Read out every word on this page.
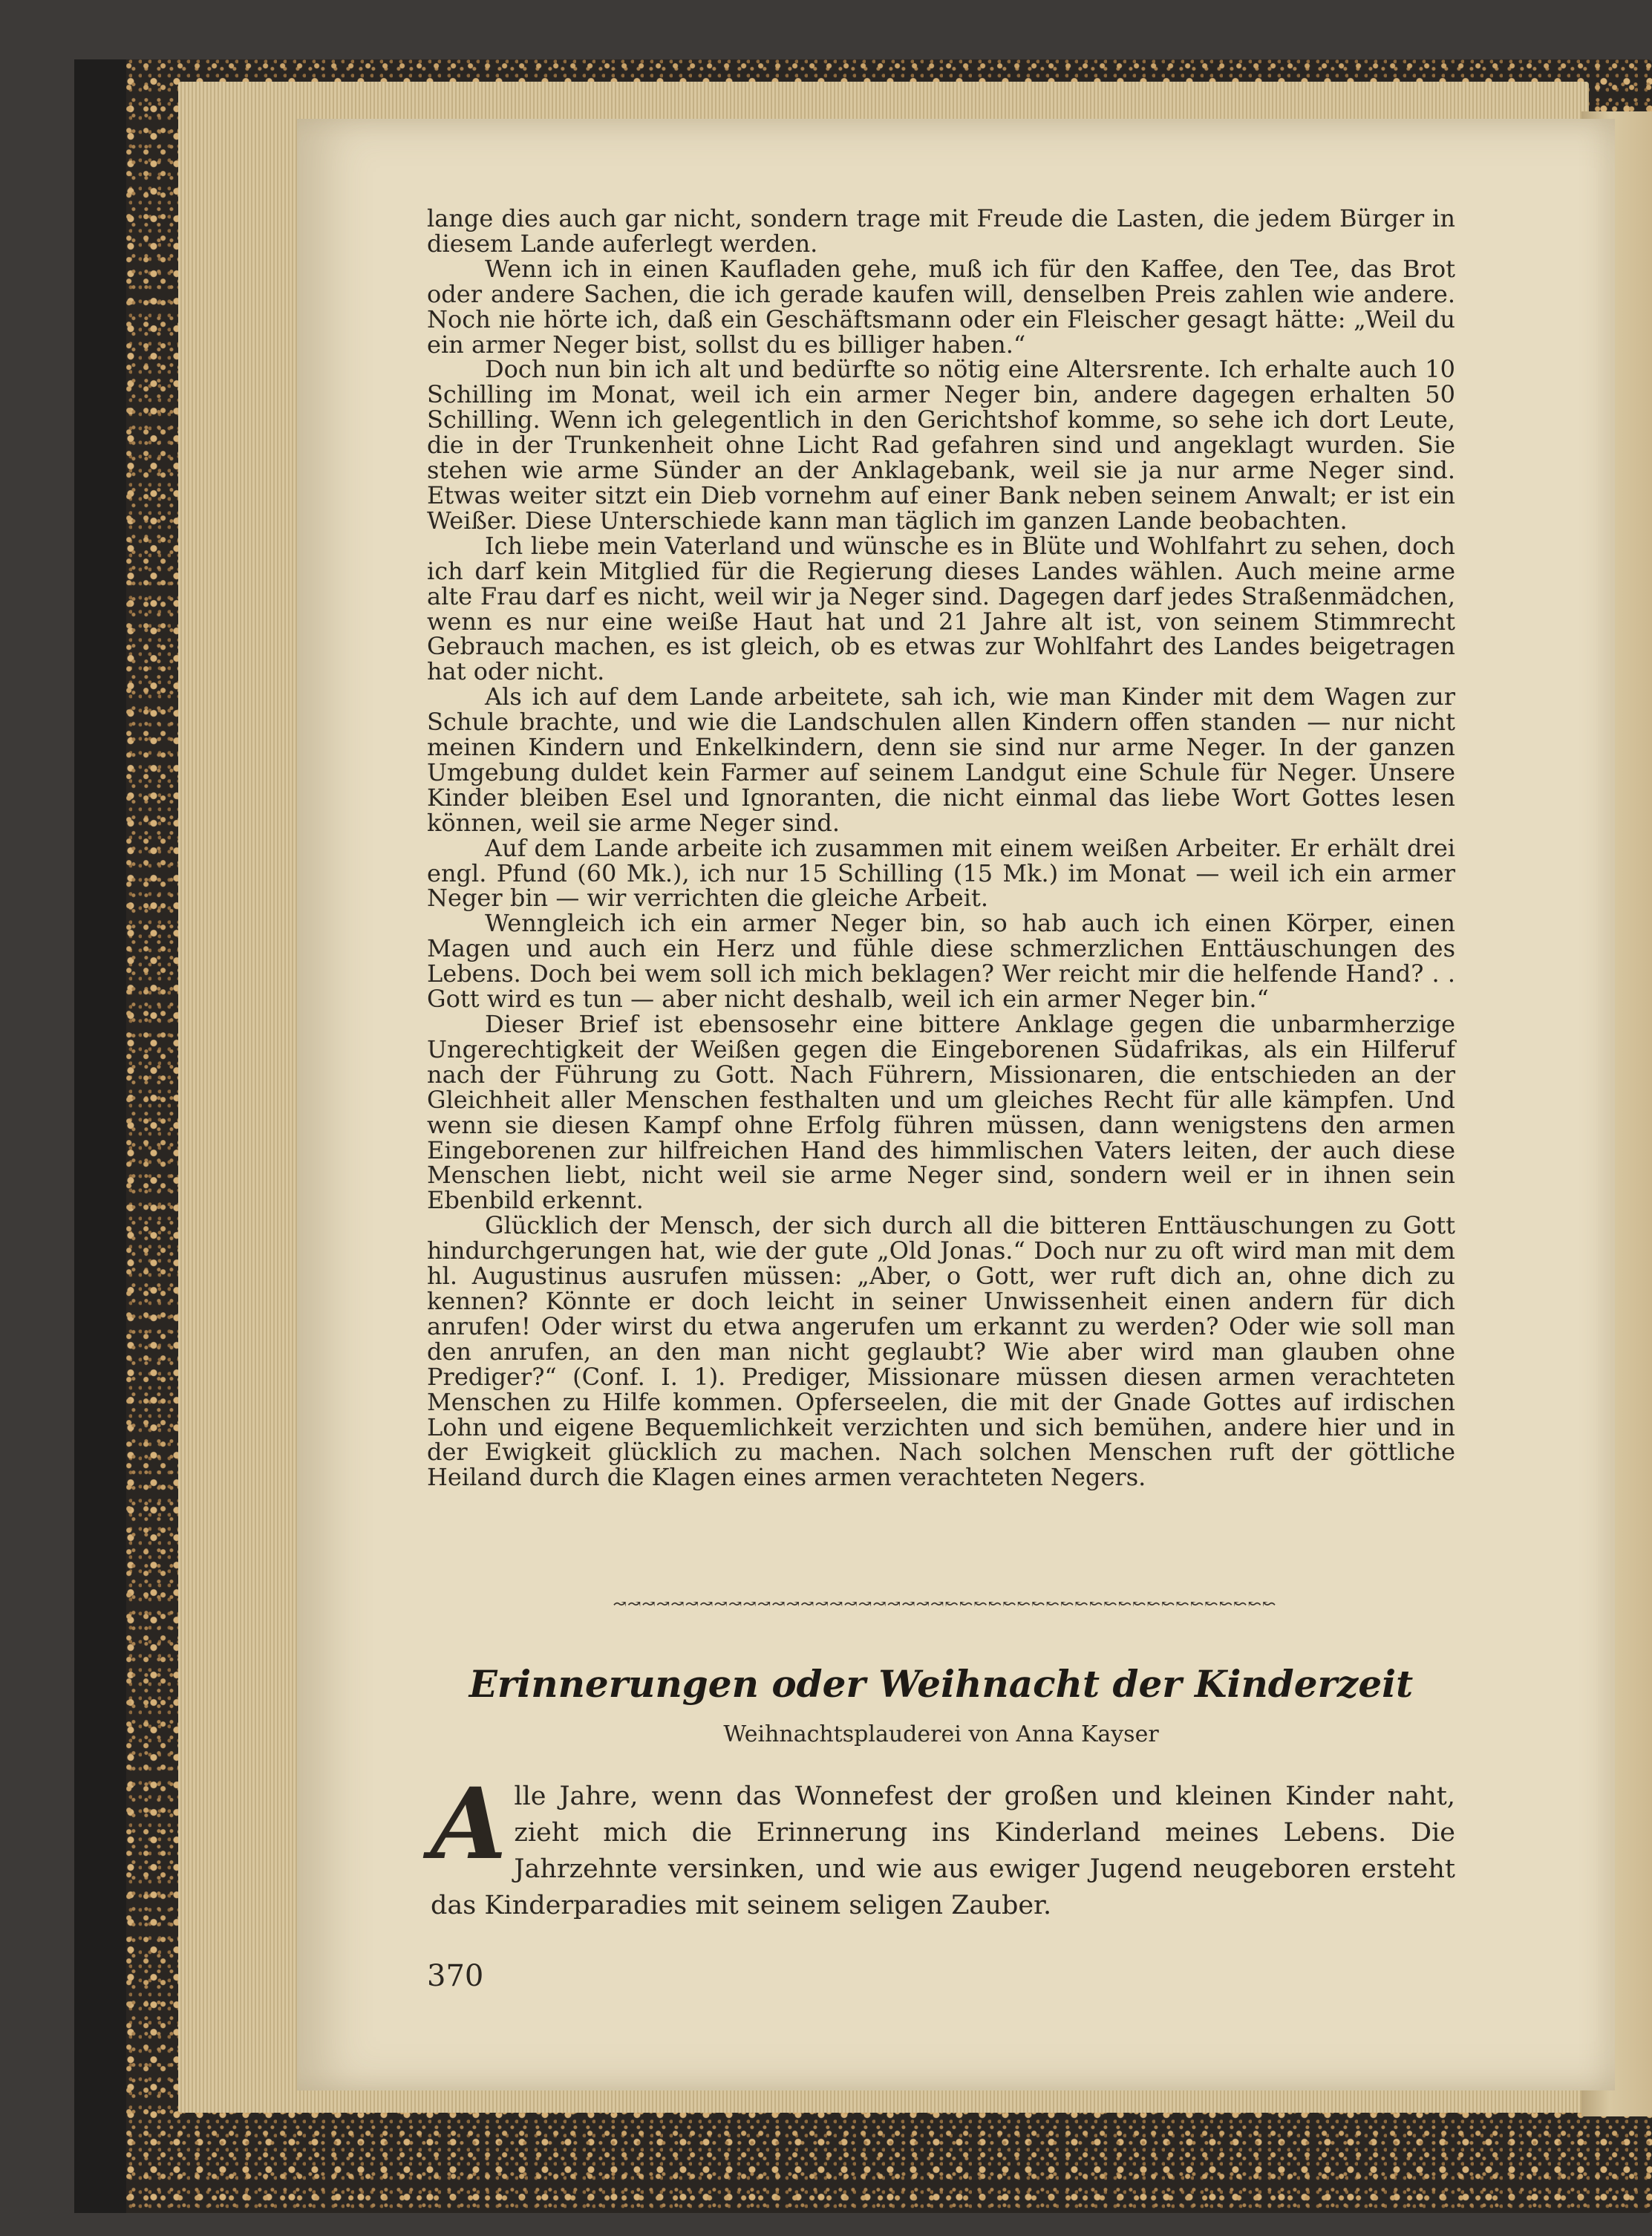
lange dies auch gar nicht, sondern trage mit Freude die Lasten, die jedem Bürger in diesem Lande auferlegt werden.

Wenn ich in einen Kaufladen gehe, muß ich für den Kaffee, den Tee, das Brot oder andere Sachen, die ich gerade kaufen will, denselben Preis zahlen wie andere. Noch nie hörte ich, daß ein Geschäftsmann oder ein Fleischer gesagt hätte: „Weil du ein armer Neger bist, sollst du es billiger haben.“

Doch nun bin ich alt und bedürfte so nötig eine Altersrente. Ich erhalte auch 10 Schilling im Monat, weil ich ein armer Neger bin, andere dagegen erhalten 50 Schilling. Wenn ich gelegentlich in den Gerichtshof komme, so sehe ich dort Leute, die in der Trunkenheit ohne Licht Rad gefahren sind und angeklagt wurden. Sie stehen wie arme Sünder an der Anklagebank, weil sie ja nur arme Neger sind. Etwas weiter sitzt ein Dieb vornehm auf einer Bank neben seinem Anwalt; er ist ein Weißer. Diese Unterschiede kann man täglich im ganzen Lande beobachten.

Ich liebe mein Vaterland und wünsche es in Blüte und Wohlfahrt zu sehen, doch ich darf kein Mitglied für die Regierung dieses Landes wählen. Auch meine arme alte Frau darf es nicht, weil wir ja Neger sind. Dagegen darf jedes Straßenmädchen, wenn es nur eine weiße Haut hat und 21 Jahre alt ist, von seinem Stimmrecht Gebrauch machen, es ist gleich, ob es etwas zur Wohlfahrt des Landes beigetragen hat oder nicht.

Als ich auf dem Lande arbeitete, sah ich, wie man Kinder mit dem Wagen zur Schule brachte, und wie die Landschulen allen Kindern offen standen — nur nicht meinen Kindern und Enkelkindern, denn sie sind nur arme Neger. In der ganzen Umgebung duldet kein Farmer auf seinem Landgut eine Schule für Neger. Unsere Kinder bleiben Esel und Ignoranten, die nicht einmal das liebe Wort Gottes lesen können, weil sie arme Neger sind.

Auf dem Lande arbeite ich zusammen mit einem weißen Arbeiter. Er erhält drei engl. Pfund (60 Mk.), ich nur 15 Schilling (15 Mk.) im Monat — weil ich ein armer Neger bin — wir verrichten die gleiche Arbeit.

Wenngleich ich ein armer Neger bin, so hab auch ich einen Körper, einen Magen und auch ein Herz und fühle diese schmerzlichen Enttäuschungen des Lebens. Doch bei wem soll ich mich beklagen? Wer reicht mir die helfende Hand? . . Gott wird es tun — aber nicht deshalb, weil ich ein armer Neger bin.“

Dieser Brief ist ebensosehr eine bittere Anklage gegen die unbarmherzige Ungerechtigkeit der Weißen gegen die Eingeborenen Südafrikas, als ein Hilferuf nach der Führung zu Gott. Nach Führern, Missionaren, die entschieden an der Gleichheit aller Menschen festhalten und um gleiches Recht für alle kämpfen. Und wenn sie diesen Kampf ohne Erfolg führen müssen, dann wenigstens den armen Eingeborenen zur hilfreichen Hand des himmlischen Vaters leiten, der auch diese Menschen liebt, nicht weil sie arme Neger sind, sondern weil er in ihnen sein Ebenbild erkennt.

Glücklich der Mensch, der sich durch all die bitteren Enttäuschungen zu Gott hindurchgerungen hat, wie der gute „Old Jonas.“ Doch nur zu oft wird man mit dem hl. Augustinus ausrufen müssen: „Aber, o Gott, wer ruft dich an, ohne dich zu kennen? Könnte er doch leicht in seiner Unwissenheit einen andern für dich anrufen! Oder wirst du etwa angerufen um erkannt zu werden? Oder wie soll man den anrufen, an den man nicht geglaubt? Wie aber wird man glauben ohne Prediger?“ (Conf. I. 1). Prediger, Missionare müssen diesen armen verachteten Menschen zu Hilfe kommen. Opferseelen, die mit der Gnade Gottes auf irdischen Lohn und eigene Bequemlichkeit verzichten und sich bemühen, andere hier und in der Ewigkeit glücklich zu machen. Nach solchen Menschen ruft der göttliche Heiland durch die Klagen eines armen verachteten Negers.

↝↝↝↝↝↝↝↝↝↝↝↝↝↝↝↝↝↝↝↝↝↝↝↜↜↜↜↜↜↜↜↜↜↜↜↜↜↜↜↜↜↜↜↜↜↜
Erinnerungen oder Weihnacht der Kinderzeit

Weihnachtsplauderei von Anna Kayser

Alle Jahre, wenn das Wonnefest der großen und kleinen Kinder naht, zieht mich die Erinnerung ins Kinderland meines Lebens. Die Jahrzehnte versinken, und wie aus ewiger Jugend neugeboren ersteht das Kinderparadies mit seinem seligen Zauber.

370
